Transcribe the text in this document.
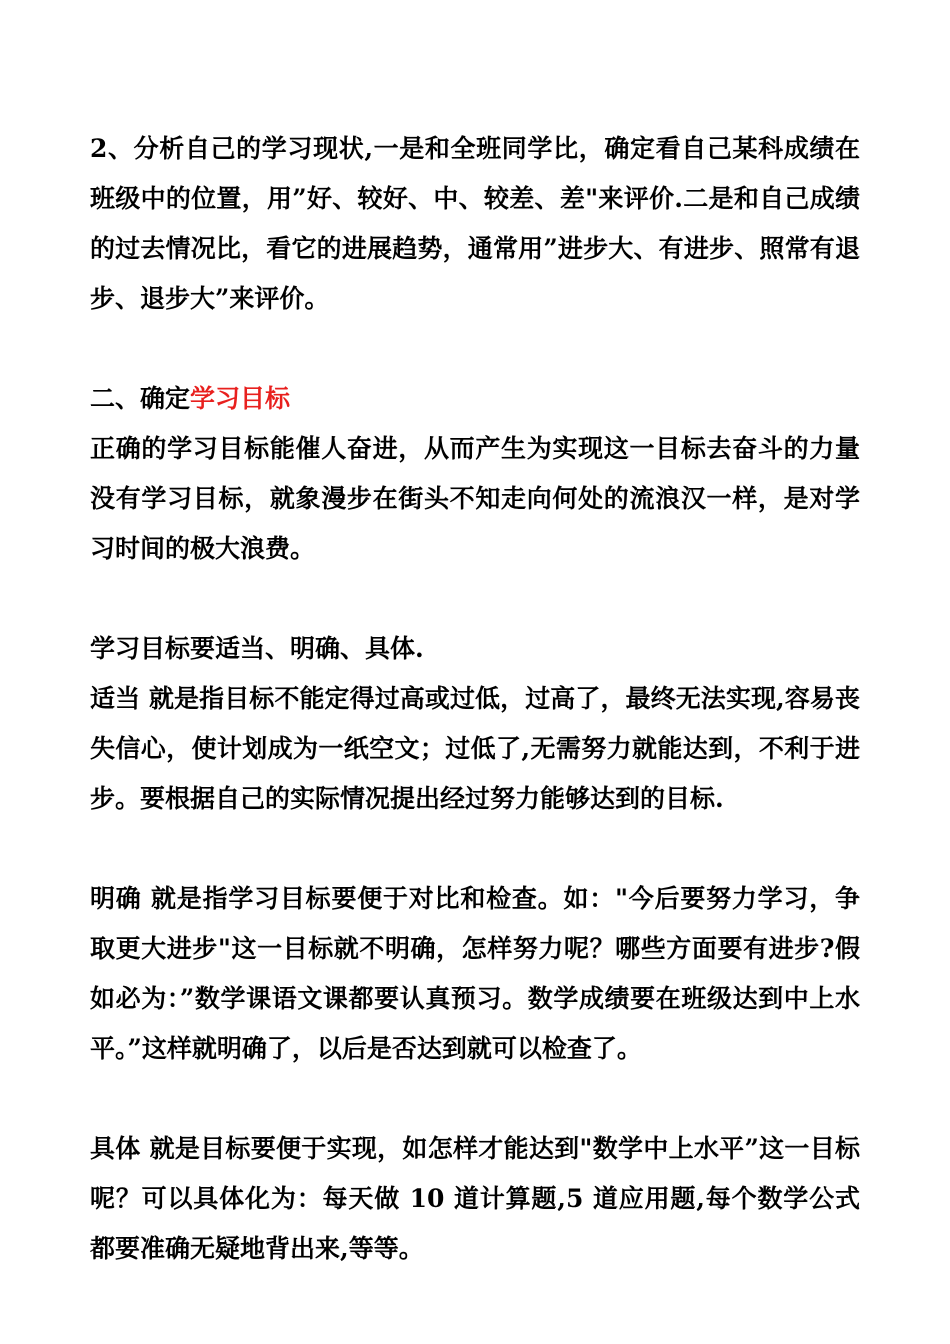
2、分析自己的学习现状,一是和全班同学比，确定看自己某科成绩在班级中的位置，用”好、较好、中、较差、差"来评价.二是和自己成绩的过去情况比，看它的进展趋势，通常用”进步大、有进步、照常有退步、退步大”来评价。

二、确定学习目标

正确的学习目标能催人奋进，从而产生为实现这一目标去奋斗的力量没有学习目标，就象漫步在街头不知走向何处的流浪汉一样，是对学习时间的极大浪费。

学习目标要适当、明确、具体.

适当 就是指目标不能定得过高或过低，过高了，最终无法实现,容易丧失信心，使计划成为一纸空文；过低了,无需努力就能达到，不利于进步。要根据自己的实际情况提出经过努力能够达到的目标.

明确 就是指学习目标要便于对比和检查。如："今后要努力学习，争取更大进步"这一目标就不明确，怎样努力呢？哪些方面要有进步?假如必为：”数学课语文课都要认真预习。数学成绩要在班级达到中上水平。”这样就明确了，以后是否达到就可以检查了。

具体 就是目标要便于实现，如怎样才能达到"数学中上水平”这一目标呢？可以具体化为：每天做 10 道计算题,5 道应用题,每个数学公式都要准确无疑地背出来,等等。
